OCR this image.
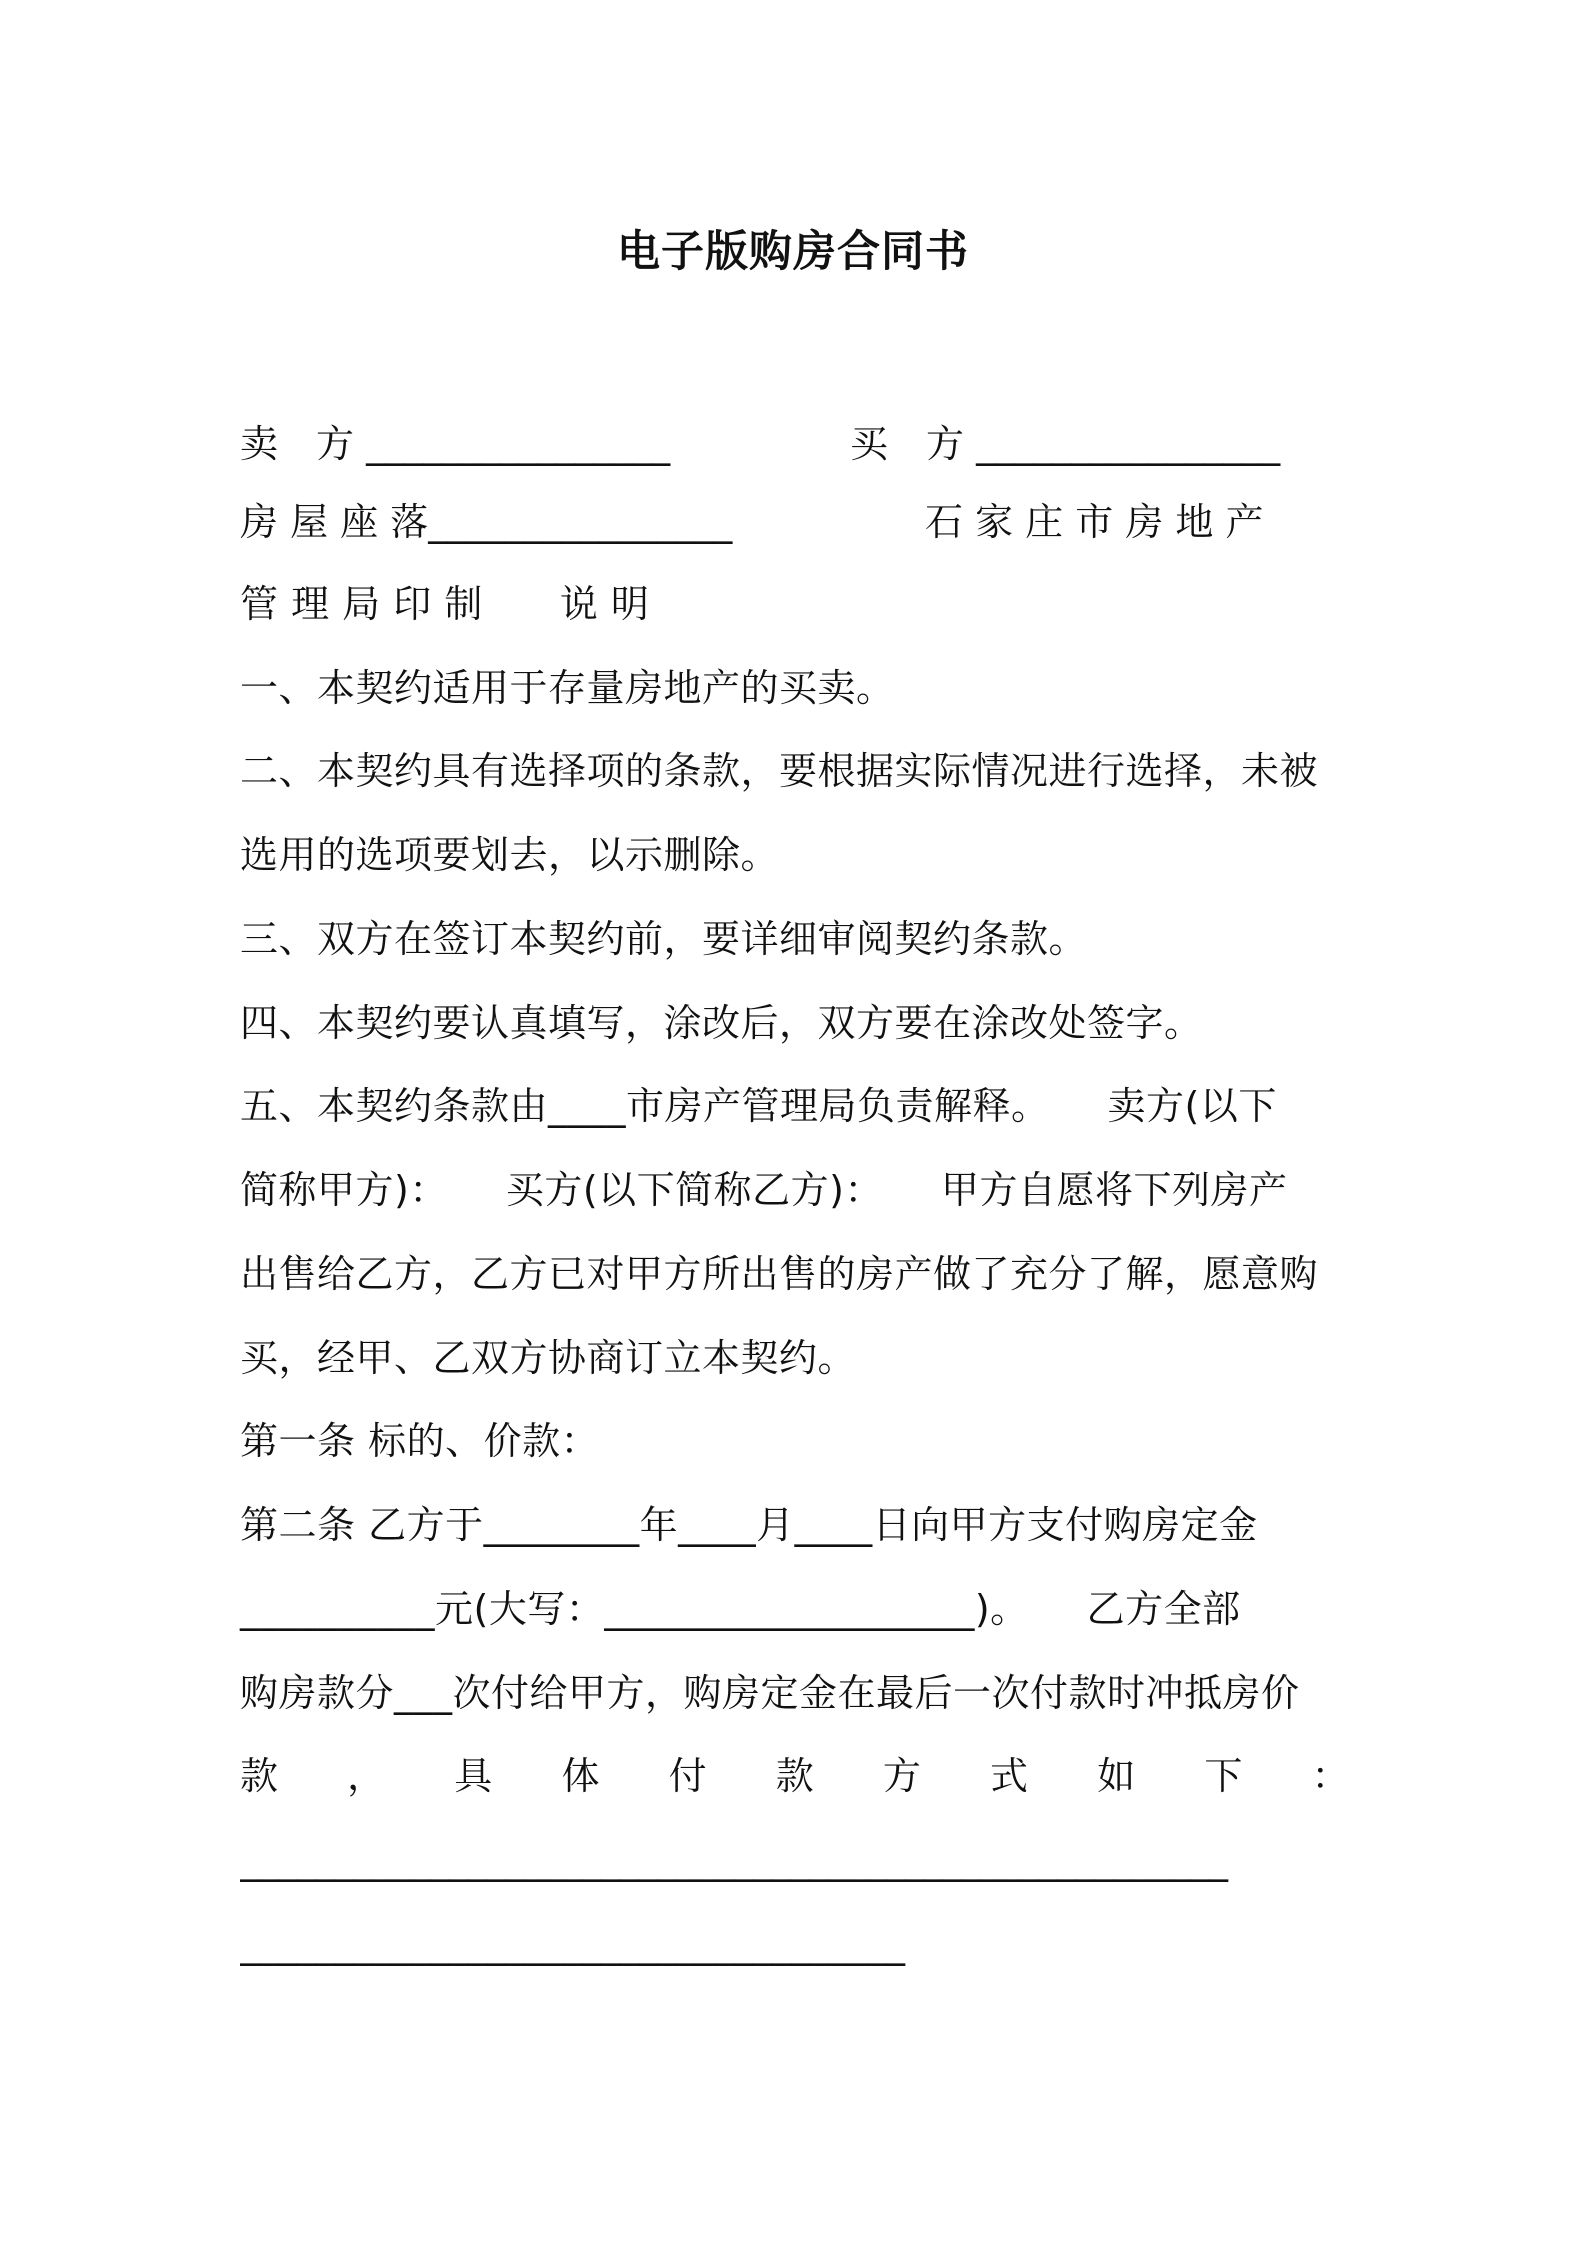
电子版购房合同书
卖　方 ________________	买　方 ________________
房 屋 座 落________________	石 家 庄 市 房 地 产
管 理 局 印 制　　说 明
一、本契约适用于存量房地产的买卖。
二、本契约具有选择项的条款，要根据实际情况进行选择，未被
选用的选项要划去，以示删除。
三、双方在签订本契约前，要详细审阅契约条款。
四、本契约要认真填写，涂改后，双方要在涂改处签字。
五、本契约条款由____市房产管理局负责解释。　　卖方(以下
简称甲方)：　　买方(以下简称乙方)：　　甲方自愿将下列房产
出售给乙方，乙方已对甲方所出售的房产做了充分了解，愿意购
买，经甲、乙双方协商订立本契约。
第一条 标的、价款：
第二条 乙方于________年____月____日向甲方支付购房定金
__________元(大写：___________________)。　　乙方全部
购房款分___次付给甲方，购房定金在最后一次付款时冲抵房价
款 ， 具 体 付 款 方 式 如 下 ：
____________________________________________________
___________________________________
